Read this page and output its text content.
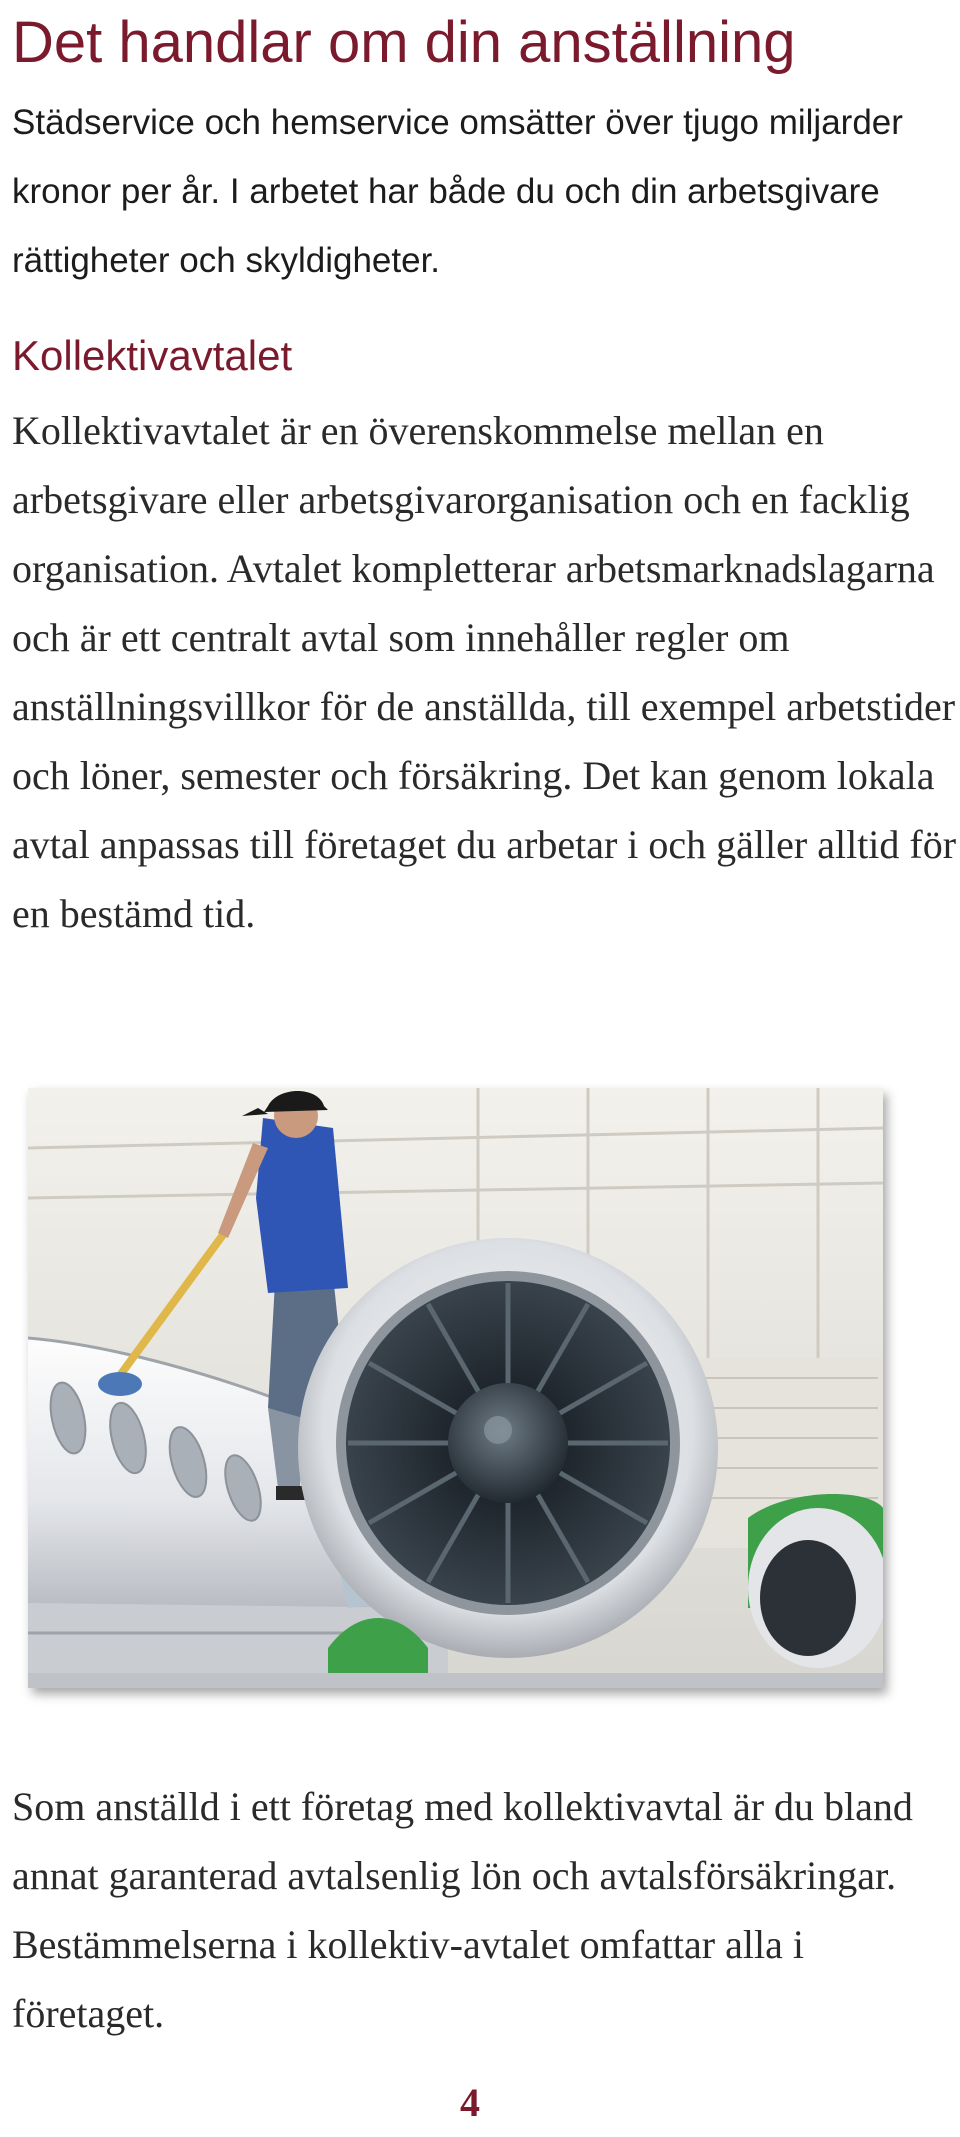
Det handlar om din anställning

Städservice och hemservice omsätter över tjugo miljarder kronor per år. I arbetet har både du och din arbetsgivare rättigheter och skyldigheter.

Kollektivavtalet

Kollektivavtalet är en överenskommelse mellan en arbetsgivare eller arbetsgivarorganisation och en facklig organisation. Avtalet kompletterar arbetsmarknadslagarna och är ett centralt avtal som innehåller regler om anställningsvillkor för de anställda, till exempel arbetstider och löner, semester och försäkring. Det kan genom lokala avtal anpassas till företaget du arbetar i och gäller alltid för en bestämd tid.

Som anställd i ett företag med kollektivavtal är du bland annat garanterad avtalsenlig lön och avtalsförsäkringar. Bestämmelserna i kollektiv-avtalet omfattar alla i företaget.

4
